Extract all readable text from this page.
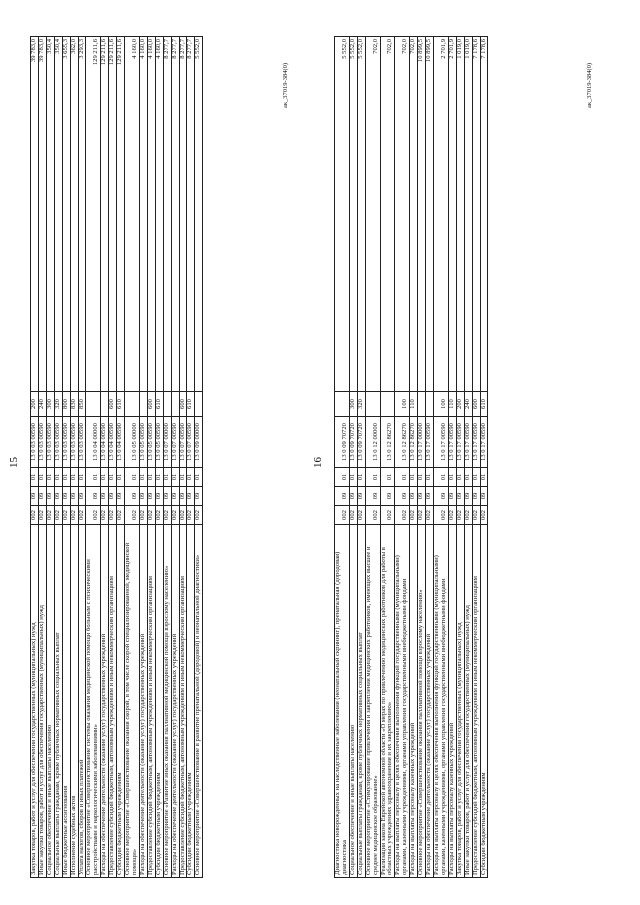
15
Закупка товаров, работ и услуг для обеспечения государственных (муниципальных) нужд	002	09	01	13 0 03 00590	200	39 783,0
Иные закупки товаров, работ и услуг для обеспечения государственных (муниципальных) нужд	002	09	01	13 0 03 00590	240	39 783,0
Социальное обеспечение и иные выплаты населению	002	09	01	13 0 03 00590	300	350,4
Социальные выплаты гражданам, кроме публичных нормативных социальных выплат	002	09	01	13 0 03 00590	320	350,4
Иные бюджетные ассигнования	002	09	01	13 0 03 00590	800	3 655,3
Исполнение судебных актов	002	09	01	13 0 03 00590	830	362,0
Уплата налогов, сборов и иных платежей	002	09	01	13 0 03 00590	850	3 293,3
Основное мероприятие «Совершенствование системы оказания медицинской помощи больным с психическими расстройствами и наркологическими заболеваниями»	002	09	01	13 0 04 00000		129 211,6
Расходы на обеспечение деятельности (оказание услуг) государственных учреждений	002	09	01	13 0 04 00590		129 211,6
Предоставление субсидий бюджетным, автономным учреждениям и иным некоммерческим организациям	002	09	01	13 0 04 00590	600	129 211,6
Субсидии бюджетным учреждениям	002	09	01	13 0 04 00590	610	129 211,6
Основное мероприятие «Совершенствование оказания скорой, в том числе скорой специализированной, медицинской помощи»	002	09	01	13 0 05 00000		4 160,0
Расходы на обеспечение деятельности (оказание услуг) государственных учреждений	002	09	01	13 0 05 00590		4 160,0
Предоставление субсидий бюджетным, автономным учреждениям и иным некоммерческим организациям	002	09	01	13 0 05 00590	600	4 160,0
Субсидии бюджетным учреждениям	002	09	01	13 0 05 00590	610	4 160,0
Основное мероприятие «Развитие иных оказания паллиативной медицинской помощи взрослому населению»	002	09	01	13 0 07 00000		8 277,7
Расходы на обеспечение деятельности (оказание услуг) государственных учреждений	002	09	01	13 0 07 00590		8 277,7
Предоставление субсидий бюджетным, автономным учреждениям и иным некоммерческим организациям	002	09	01	13 0 07 00590	600	8 277,7
Субсидии бюджетным учреждениям	002	09	01	13 0 07 00590	610	8 277,7
Основное мероприятие «Совершенствование в развитие пренатальной (дородовой) и неонатальной диагностики»	002	09	01	13 0 09 00000		5 552,0
ак_37019-384(0)
16
Диагностика новорожденных на наследственные заболевания (неонатальный скрининг), пренатальная (дородовая) диагностика	002	09	01	13 0 09 70720		5 552,0
Социальное обеспечение и иные выплаты населению	002	09	01	13 0 09 70720	300	5 552,0
Социальные выплаты гражданам, кроме публичных нормативных социальных выплат	002	09	01	13 0 09 70720	320	5 552,0
Основное мероприятие «Стимулирование привлечения и закрепления медицинских работников, имеющих высшее и среднее медицинское образование»	002	09	01	13 0 12 00000		702,0
Реализация закона Еврейской автономной области «О мерах по привлечению медицинских работников для работы в областных учреждениях здравоохранения и их закреплению»	002	09	01	13 0 12 86270		702,0
Расходы на выплаты персоналу в целях обеспечения выполнения функций государственными (муниципальными) органами, казенными учреждениями, органами управления государственными внебюджетными фондами	002	09	01	13 0 12 86270	100	702,0
Расходы на выплаты персоналу казенных учреждений	002	09	01	13 0 12 86270	110	702,0
Основное мероприятие «Совершенствование оказания паллиативной помощи взрослому населению»	002	09	01	13 0 17 00000		10 899,5
Расходы на обеспечение деятельности (оказание услуг) государственных учреждений	002	09	01	13 0 17 00590		10 899,5
Расходы на выплаты персоналу в целях обеспечения выполнения функций государственными (муниципальными) органами, казенными учреждениями, органами управления государственными внебюджетными фондами	002	09	01	13 0 17 00590	100	2 701,9
Расходы на выплаты персоналу казенных учреждений	002	09	01	13 0 17 00590	110	2 701,9
Закупка товаров, работ и услуг для обеспечения государственных (муниципальных) нужд	002	09	01	13 0 17 00590	200	1 019,0
Иные закупки товаров, работ и услуг для обеспечения государственных (муниципальных) нужд	002	09	01	13 0 17 00590	240	1 019,0
Предоставление субсидий бюджетным, автономным учреждениям и иным некоммерческим организациям	002	09	01	13 0 17 00590	600	7 178,6
Субсидии бюджетным учреждениям	002	09	01	13 0 17 00590	610	7 178,6
ак_37019-384(0)
